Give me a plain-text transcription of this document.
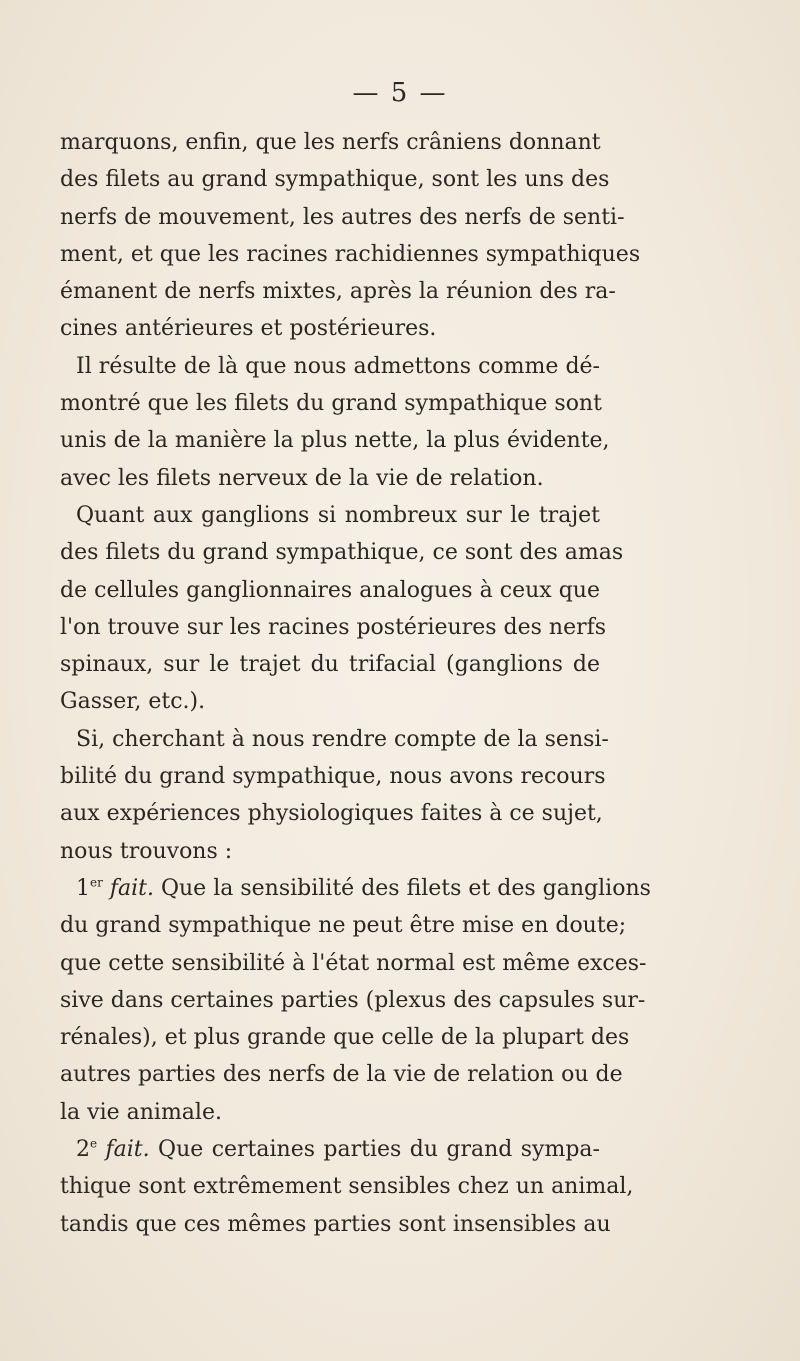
— 5 —
marquons, enfin, que les nerfs crâniens donnant
des filets au grand sympathique, sont les uns des
nerfs de mouvement, les autres des nerfs de senti-
ment, et que les racines rachidiennes sympathiques
émanent de nerfs mixtes, après la réunion des ra-
cines antérieures et postérieures.
Il résulte de là que nous admettons comme dé-
montré que les filets du grand sympathique sont
unis de la manière la plus nette, la plus évidente,
avec les filets nerveux de la vie de relation.
Quant aux ganglions si nombreux sur le trajet
des filets du grand sympathique, ce sont des amas
de cellules ganglionnaires analogues à ceux que
l'on trouve sur les racines postérieures des nerfs
spinaux, sur le trajet du trifacial (ganglions de
Gasser, etc.).
Si, cherchant à nous rendre compte de la sensi-
bilité du grand sympathique, nous avons recours
aux expériences physiologiques faites à ce sujet,
nous trouvons :
1er fait. Que la sensibilité des filets et des ganglions
du grand sympathique ne peut être mise en doute;
que cette sensibilité à l'état normal est même exces-
sive dans certaines parties (plexus des capsules sur-
rénales), et plus grande que celle de la plupart des
autres parties des nerfs de la vie de relation ou de
la vie animale.
2e fait. Que certaines parties du grand sympa-
thique sont extrêmement sensibles chez un animal,
tandis que ces mêmes parties sont insensibles au
